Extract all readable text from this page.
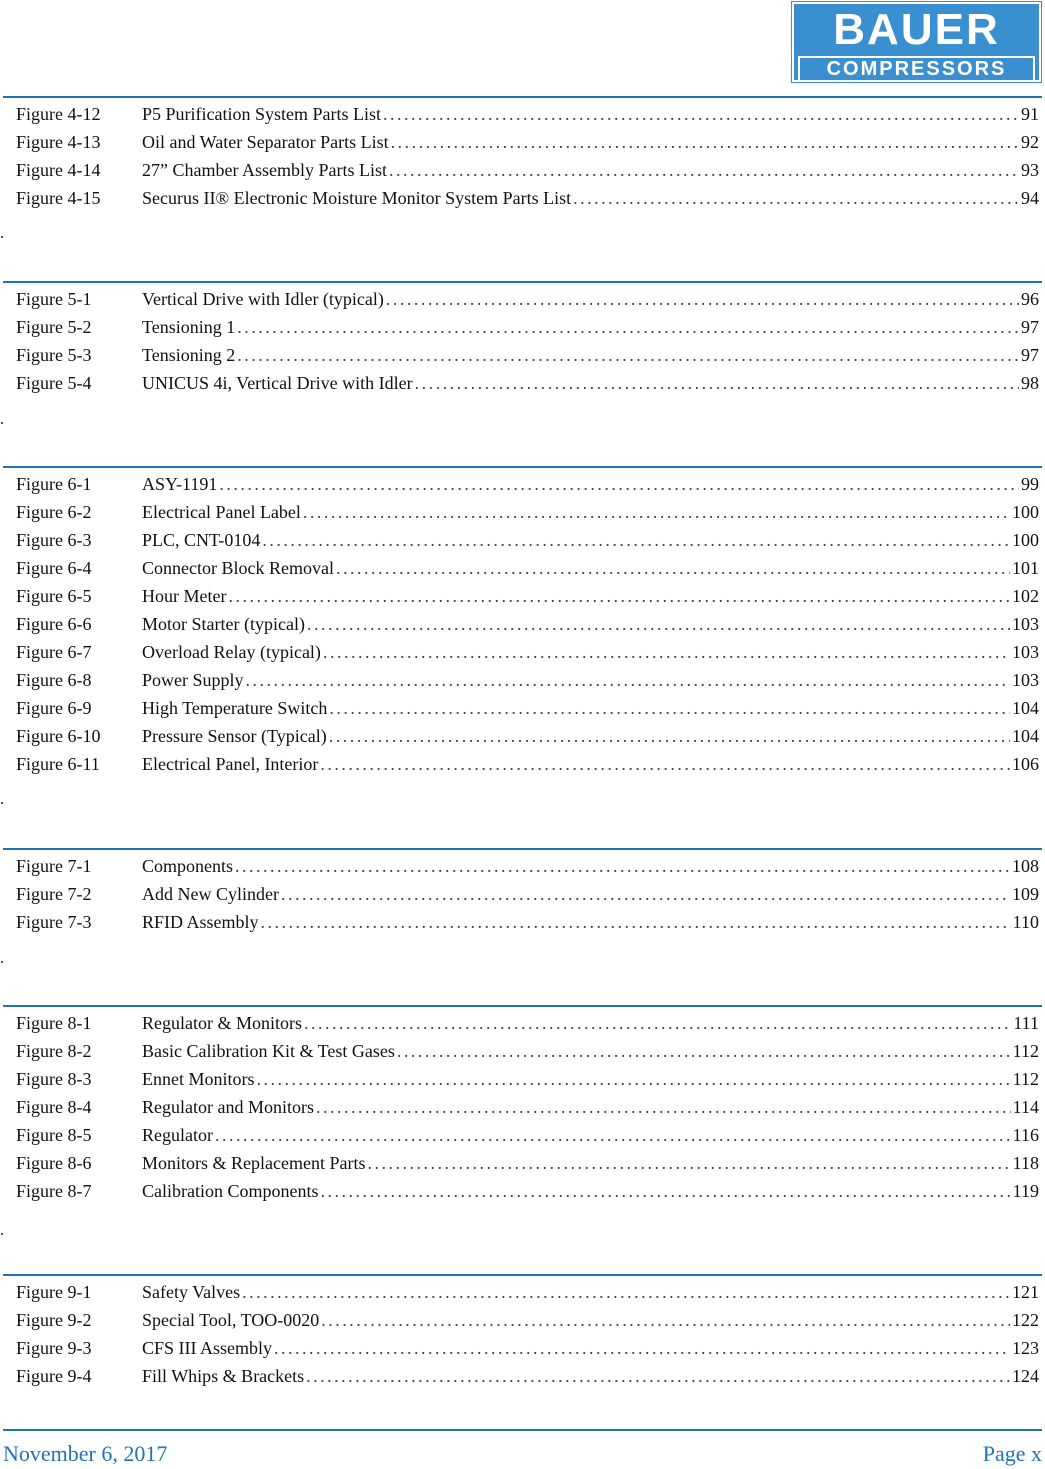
BAUER
COMPRESSORS
Figure 4-12 P5 Purification System Parts List . . .	91
Figure 4-13 Oil and Water Separator Parts List . . .	92
Figure 4-14 27” Chamber Assembly Parts List . . .	93
Figure 4-15 Securus II® Electronic Moisture Monitor System Parts List . . .	94
Figure 5-1	Vertical Drive with Idler (typical) . . .	96
Figure 5-2	Tensioning 1 . . .	97
Figure 5-3	Tensioning 2 . . .	97
Figure 5-4	UNICUS 4i, Vertical Drive with Idler . . .	98
Figure 6-1	ASY-1191 . . .	99
Figure 6-2	Electrical Panel Label . . .	100
Figure 6-3	PLC, CNT-0104 . . .	100
Figure 6-4	Connector Block Removal . . .	101
Figure 6-5	Hour Meter . . .	102
Figure 6-6	Motor Starter (typical) . . .	103
Figure 6-7	Overload Relay (typical) . . .	103
Figure 6-8	Power Supply . . .	103
Figure 6-9	High Temperature Switch . . .	104
Figure 6-10 Pressure Sensor (Typical) . . .	104
Figure 6-11 Electrical Panel, Interior . . .	106
Figure 7-1	Components . . .	108
Figure 7-2	Add New Cylinder . . .	109
Figure 7-3	RFID Assembly . . .	110
Figure 8-1	Regulator & Monitors . . .	111
Figure 8-2	Basic Calibration Kit & Test Gases . . .	112
Figure 8-3	Ennet Monitors . . .	112
Figure 8-4	Regulator and Monitors . . .	114
Figure 8-5	Regulator . . .	116
Figure 8-6	Monitors & Replacement Parts . . .	118
Figure 8-7	Calibration Components . . .	119
Figure 9-1	Safety Valves . . .	121
Figure 9-2	Special Tool, TOO-0020 . . .	122
Figure 9-3	CFS III Assembly . . .	123
Figure 9-4	Fill Whips & Brackets . . .	124
November 6, 2017	Page x
